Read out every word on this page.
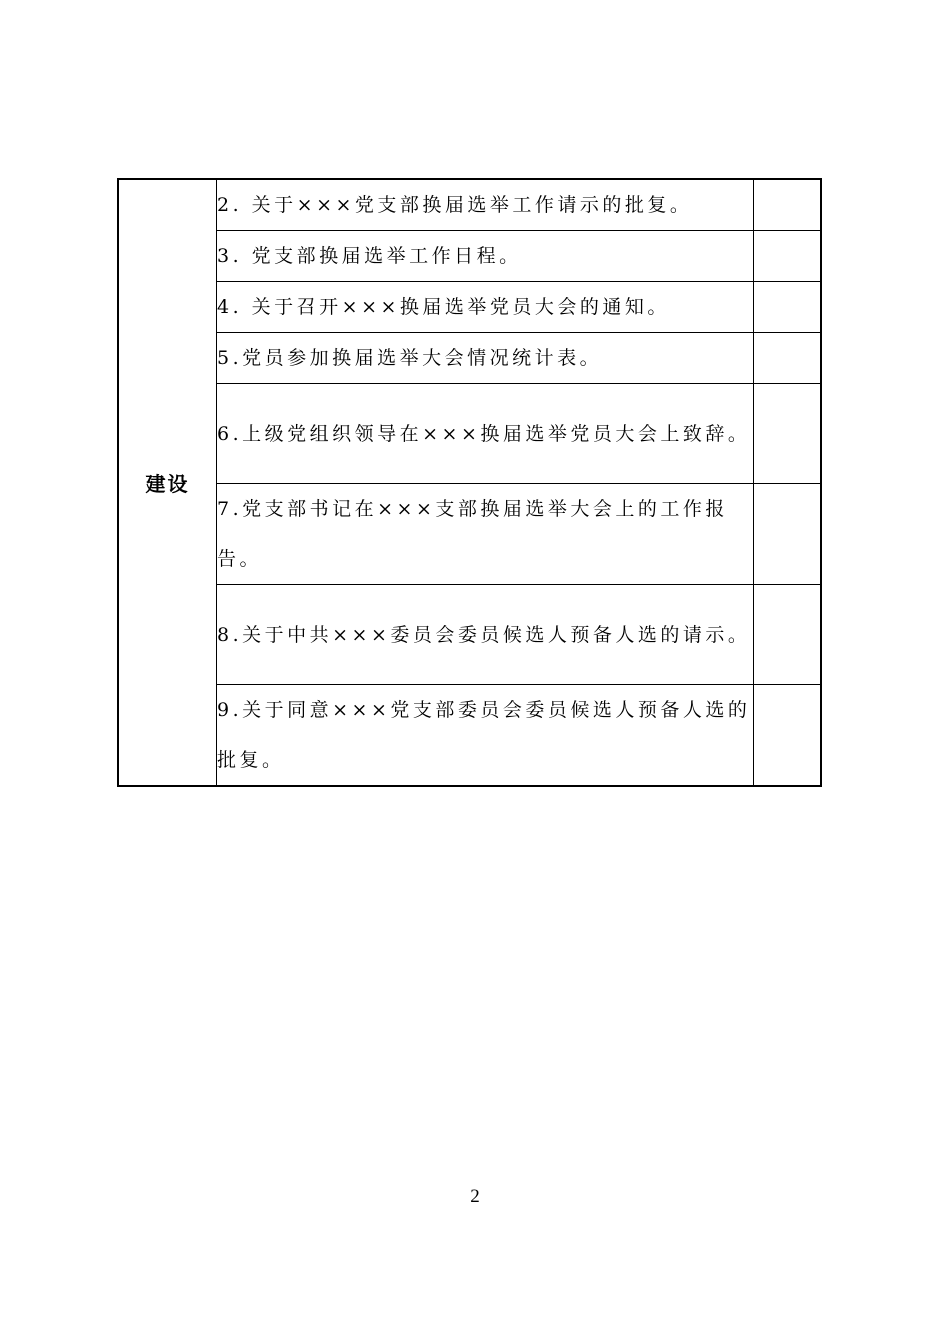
建设	2. 关于×××党支部换届选举工作请示的批复。	
	3. 党支部换届选举工作日程。	
	4. 关于召开×××换届选举党员大会的通知。	
	5.党员参加换届选举大会情况统计表。	
	6.上级党组织领导在×××换届选举党员大会上致辞。	
	7.党支部书记在×××支部换届选举大会上的工作报告。	
	8.关于中共×××委员会委员候选人预备人选的请示。	
	9.关于同意×××党支部委员会委员候选人预备人选的批复。	
2
